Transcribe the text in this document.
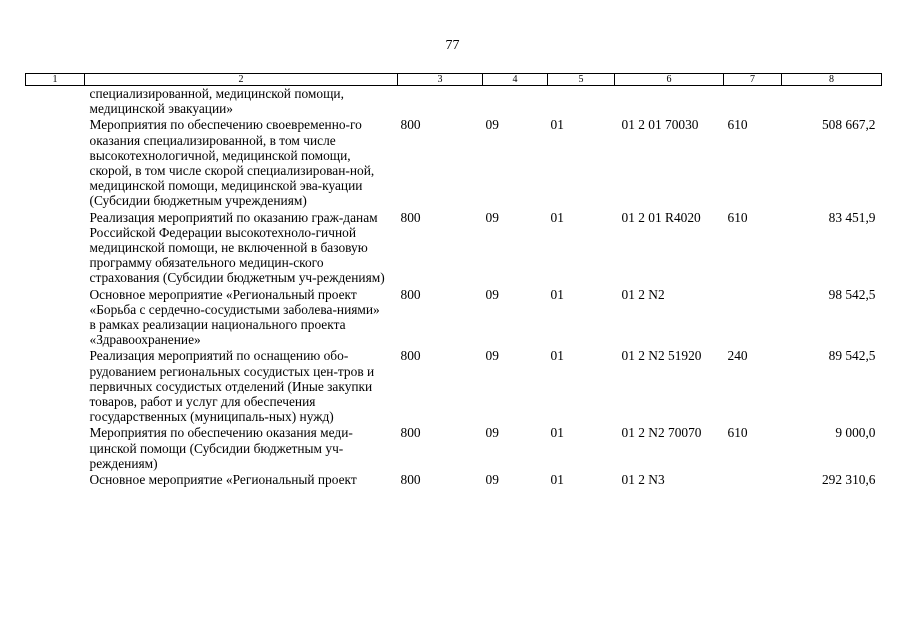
77
1	2	3	4	5	6	7	8
специализированной, медицинской помощи, медицинской эвакуации»							
Мероприятия по обеспечению своевременно-го оказания специализированной, в том числе высокотехнологичной, медицинской помощи, скорой, в том числе скорой специализирован-ной, медицинской помощи, медицинской эва-куации (Субсидии бюджетным учреждениям)		800	09	01	01 2 01 70030	610	508 667,2
Реализация мероприятий по оказанию граж-данам Российской Федерации высокотехноло-гичной медицинской помощи, не включенной в базовую программу обязательного медицин-ского страхования (Субсидии бюджетным уч-реждениям)		800	09	01	01 2 01 R4020	610	83 451,9
Основное мероприятие «Региональный проект «Борьба с сердечно-сосудистыми заболева-ниями» в рамках реализации национального проекта «Здравоохранение»		800	09	01	01 2 N2		98 542,5
Реализация мероприятий по оснащению обо-рудованием региональных сосудистых цен-тров и первичных сосудистых отделений (Иные закупки товаров, работ и услуг для обеспечения государственных (муниципаль-ных) нужд)		800	09	01	01 2 N2 51920	240	89 542,5
Мероприятия по обеспечению оказания меди-цинской помощи (Субсидии бюджетным уч-реждениям)		800	09	01	01 2 N2 70070	610	9 000,0
Основное мероприятие «Региональный проект		800	09	01	01 2 N3		292 310,6
